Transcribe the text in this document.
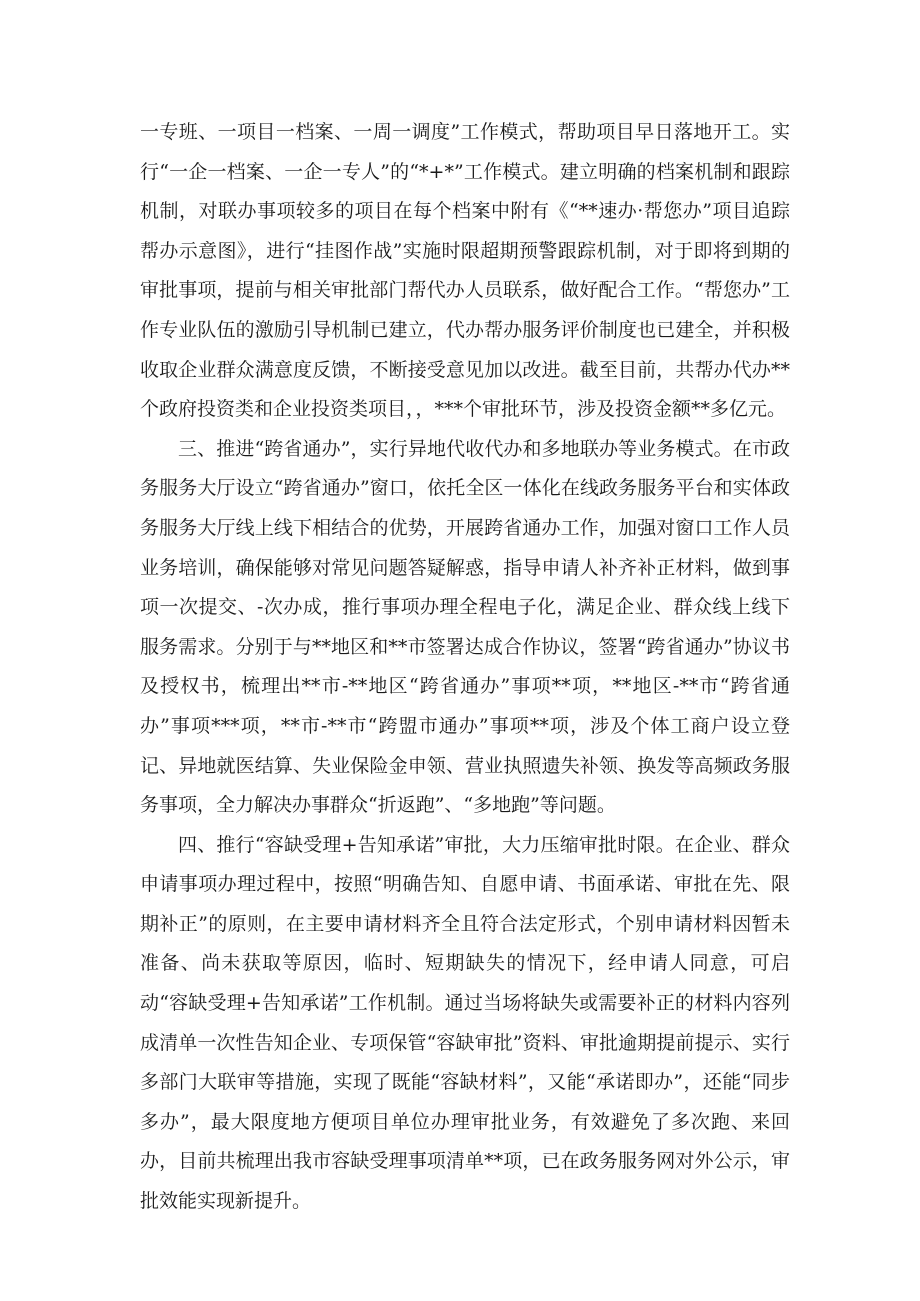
一专班、一项目一档案、一周一调度”工作模式，帮助项目早日落地开工。实行“一企一档案、一企一专人”的“*+*”工作模式。建立明确的档案机制和跟踪机制，对联办事项较多的项目在每个档案中附有《“**速办·帮您办”项目追踪帮办示意图》，进行“挂图作战”实施时限超期预警跟踪机制，对于即将到期的审批事项，提前与相关审批部门帮代办人员联系，做好配合工作。“帮您办”工作专业队伍的激励引导机制已建立，代办帮办服务评价制度也已建全，并积极收取企业群众满意度反馈，不断接受意见加以改进。截至目前，共帮办代办**个政府投资类和企业投资类项目，，***个审批环节，涉及投资金额**多亿元。

三、推进“跨省通办”，实行异地代收代办和多地联办等业务模式。在市政务服务大厅设立“跨省通办”窗口，依托全区一体化在线政务服务平台和实体政务服务大厅线上线下相结合的优势，开展跨省通办工作，加强对窗口工作人员业务培训，确保能够对常见问题答疑解惑，指导申请人补齐补正材料，做到事项一次提交、-次办成，推行事项办理全程电子化，满足企业、群众线上线下服务需求。分别于与**地区和**市签署达成合作协议，签署“跨省通办”协议书及授权书，梳理出**市-**地区“跨省通办”事项**项，**地区-**市“跨省通办”事项***项，**市-**市“跨盟市通办”事项**项，涉及个体工商户设立登记、异地就医结算、失业保险金申领、营业执照遗失补领、换发等高频政务服务事项，全力解决办事群众“折返跑”、“多地跑”等问题。

四、推行“容缺受理+告知承诺”审批，大力压缩审批时限。在企业、群众申请事项办理过程中，按照“明确告知、自愿申请、书面承诺、审批在先、限期补正”的原则，在主要申请材料齐全且符合法定形式，个别申请材料因暂未准备、尚未获取等原因，临时、短期缺失的情况下，经申请人同意，可启动“容缺受理+告知承诺”工作机制。通过当场将缺失或需要补正的材料内容列成清单一次性告知企业、专项保管“容缺审批”资料、审批逾期提前提示、实行多部门大联审等措施，实现了既能“容缺材料”，又能“承诺即办”，还能“同步多办”，最大限度地方便项目单位办理审批业务，有效避免了多次跑、来回办，目前共梳理出我市容缺受理事项清单**项，已在政务服务网对外公示，审批效能实现新提升。
